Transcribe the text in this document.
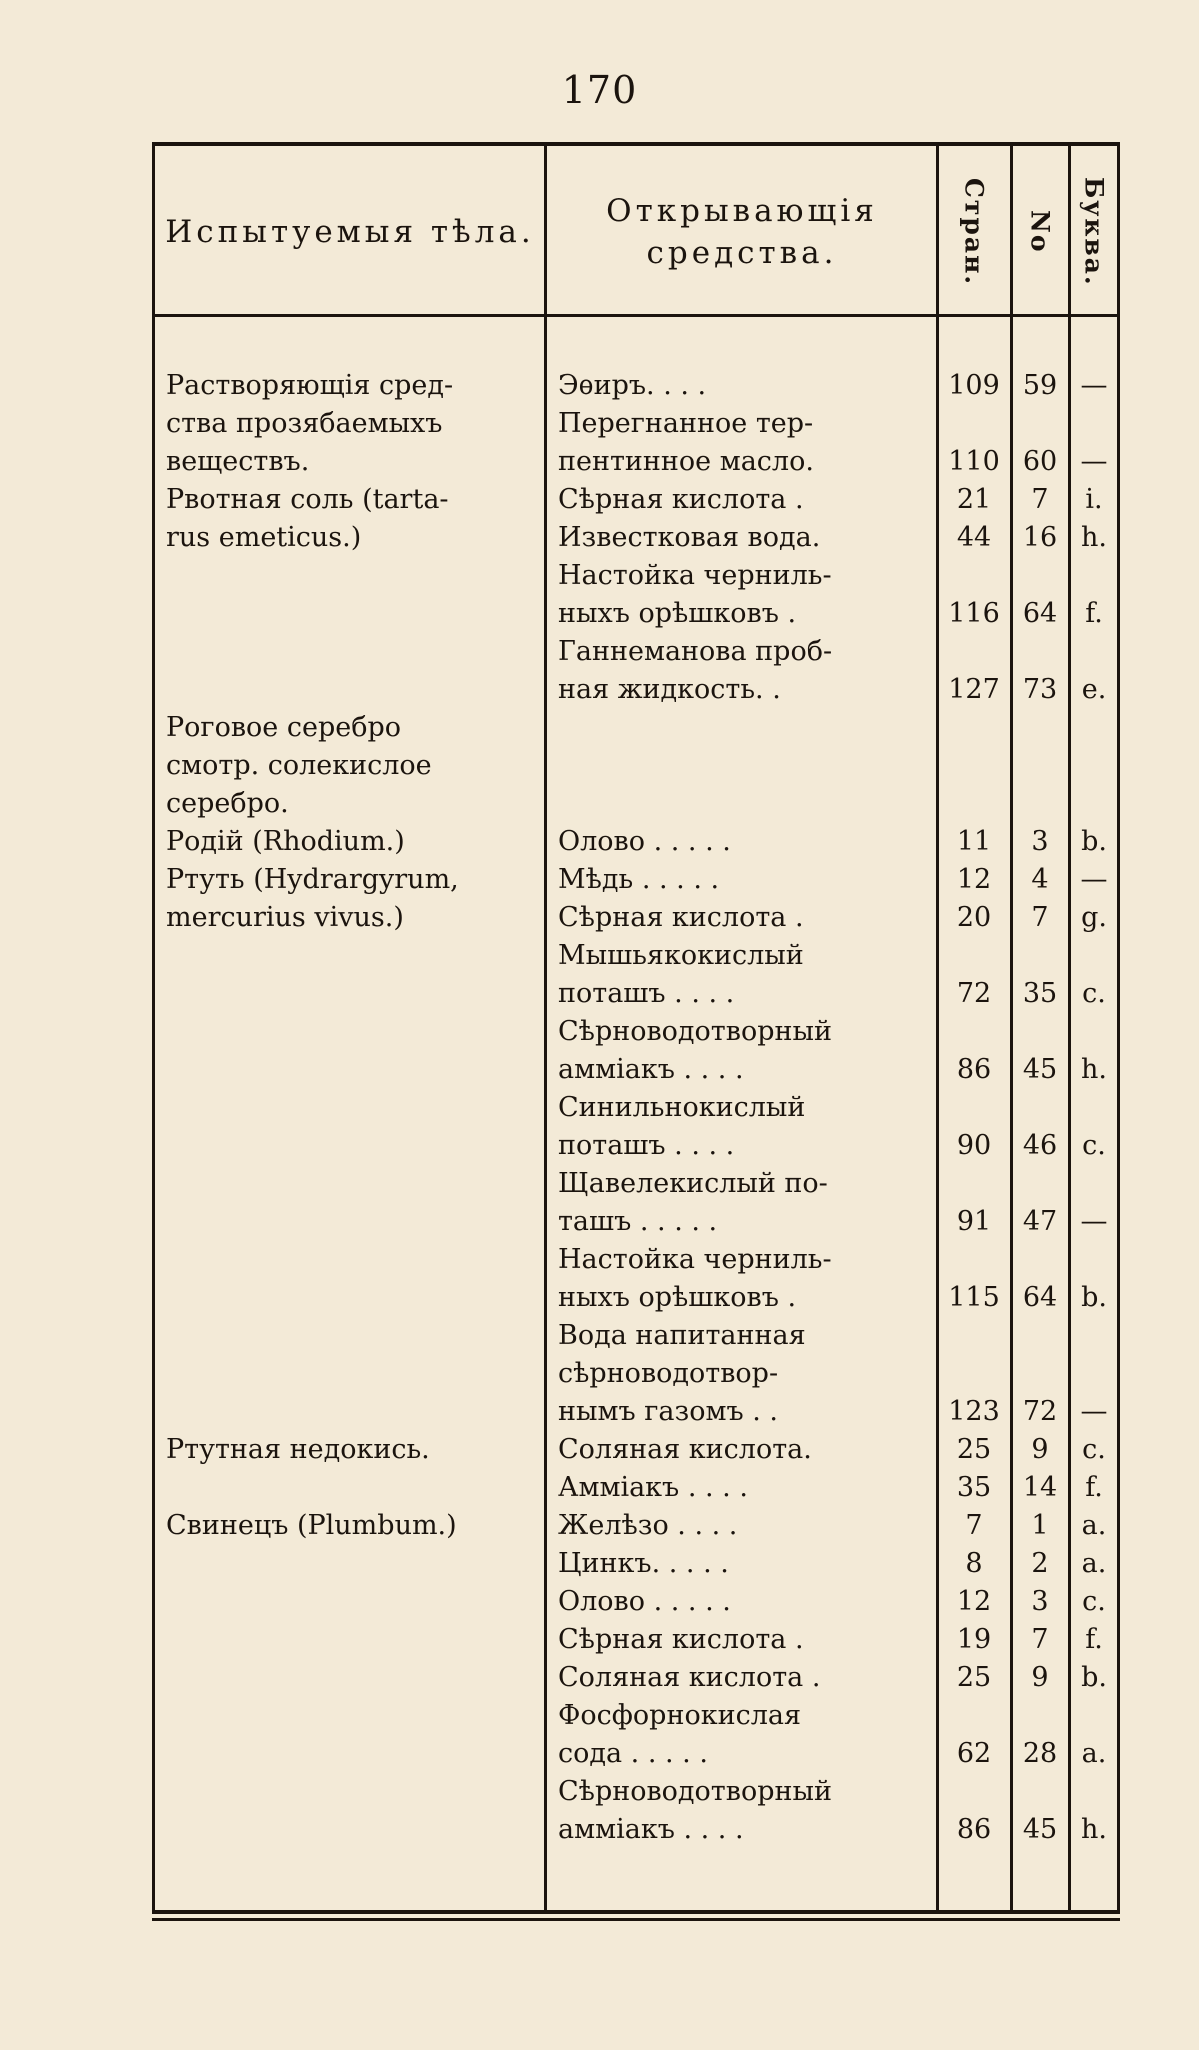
170
Испытуемыя тѣла.
Открывающія средства.	Стран. No Буква.
Растворяющія сред-	Эѳиръ. . . .	109 59 —
ства прозябаемыхъ	Перегнанное тер-
веществъ.	пентинное масло.	110 60 —
Рвотная соль (tarta-	Сѣрная кислота .	21	7	i.
rus emeticus.)	Известковая вода.	44	16 h.
Настойка черниль-
ныхъ орѣшковъ .	116 64	f.
Ганнеманова проб-
ная жидкость. .	127 73 e.
Роговое серебро
смотр. солекислое
серебро.
Родій (Rhodium.)	Олово . . . . .	11	3	b.
Ртуть (Hydrargyrum,	Мѣдь . . . . .	12	4	—
mercurius vivus.)	Сѣрная кислота .	20	7	g.
Мышьякокислый
поташъ . . . .	72	35 c.
Сѣрноводотворный
аммiакъ . . . .	86	45 h.
Синильнокислый
поташъ . . . .	90	46 c.
Щавелекислый по-
ташъ . . . . .	91	47 —
Настойка черниль-
ныхъ орѣшковъ .	115 64 b.
Вода напитанная
сѣрноводотвор-
нымъ газомъ . .	123 72 —
Ртутная недокись.	Соляная кислота.	25	9	c.
Амміакъ . . . .	35	14	f.
Свинецъ (Plumbum.)	Желѣзо . . . .	7	1	a.
Цинкъ. . . . .	8	2	a.
Олово . . . . .	12	3	c.
Сѣрная кислота .	19	7	f.
Соляная кислота .	25	9	b.
Фосфорнокислая
сода . . . . .	62	28 a.
Сѣрноводотворный
аммiакъ . . . .	86	45 h.
